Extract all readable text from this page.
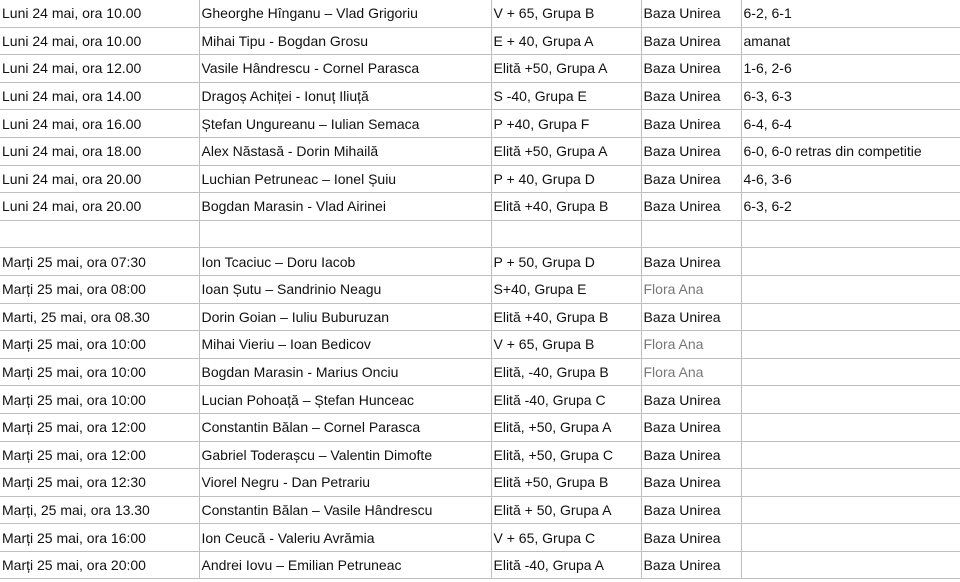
Luni 24 mai, ora 10.00	Gheorghe Hînganu – Vlad Grigoriu	V + 65, Grupa B	Baza Unirea	6-2, 6-1
Luni 24 mai, ora 10.00	Mihai Tipu - Bogdan Grosu	E + 40, Grupa A	Baza Unirea	amanat
Luni 24 mai, ora 12.00	Vasile Hândrescu - Cornel Parasca	Elită +50, Grupa A	Baza Unirea	1-6, 2-6
Luni 24 mai, ora 14.00	Dragoș Achiței - Ionuț Iliuță	S -40, Grupa E	Baza Unirea	6-3, 6-3
Luni 24 mai, ora 16.00	Ștefan Ungureanu – Iulian Semaca	P +40, Grupa F	Baza Unirea	6-4, 6-4
Luni 24 mai, ora 18.00	Alex Năstasă - Dorin Mihailă	Elită +50, Grupa A	Baza Unirea	6-0, 6-0 retras din competitie
Luni 24 mai, ora 20.00	Luchian Petruneac – Ionel Șuiu	P + 40, Grupa D	Baza Unirea	4-6, 3-6
Luni 24 mai, ora 20.00	Bogdan Marasin - Vlad Airinei	Elită +40, Grupa B	Baza Unirea	6-3, 6-2

Marți 25 mai, ora 07:30	Ion Tcaciuc – Doru Iacob	P + 50, Grupa D	Baza Unirea	
Marți 25 mai, ora 08:00	Ioan Șutu – Sandrinio Neagu	S+40, Grupa E	Flora Ana	
Marti, 25 mai, ora 08.30	Dorin Goian – Iuliu Buburuzan	Elită +40, Grupa B	Baza Unirea	
Marți 25 mai, ora 10:00	Mihai Vieriu – Ioan Bedicov	V + 65, Grupa B	Flora Ana	
Marți 25 mai, ora 10:00	Bogdan Marasin - Marius Onciu	Elită, -40, Grupa B	Flora Ana	
Marți 25 mai, ora 10:00	Lucian Pohoață – Ștefan Hunceac	Elită -40, Grupa C	Baza Unirea	
Marți 25 mai, ora 12:00	Constantin Bălan – Cornel Parasca	Elită, +50, Grupa A	Baza Unirea	
Marți 25 mai, ora 12:00	Gabriel Toderașcu – Valentin Dimofte	Elită, +50, Grupa C	Baza Unirea	
Marți 25 mai, ora 12:30	Viorel Negru - Dan Petrariu	Elită +50, Grupa B	Baza Unirea	
Marți, 25 mai, ora 13.30	Constantin Bălan – Vasile Hândrescu	Elită + 50, Grupa A	Baza Unirea	
Marți 25 mai, ora 16:00	Ion Ceucă - Valeriu Avrămia	V + 65, Grupa C	Baza Unirea	
Marți 25 mai, ora 20:00	Andrei Iovu – Emilian Petruneac	Elită -40, Grupa A	Baza Unirea	
